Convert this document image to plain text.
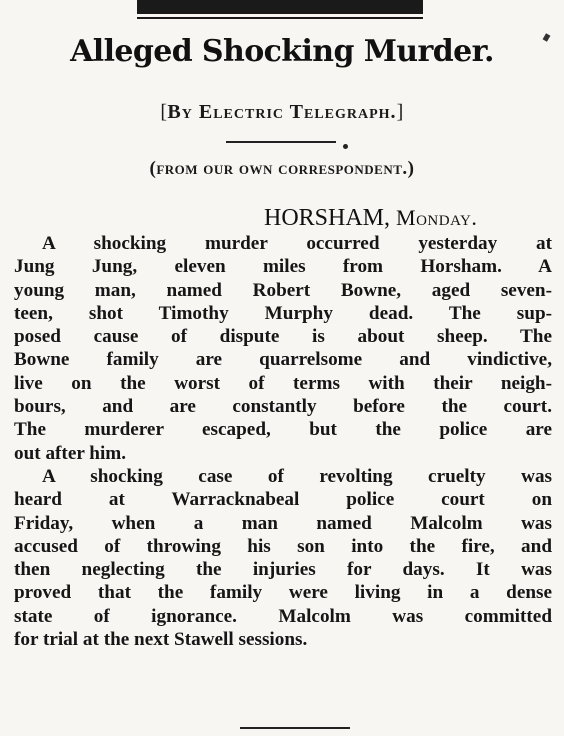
Alleged Shocking Murder.
[By Electric Telegraph.]
(from our own correspondent.)
HORSHAM, Monday.
A shocking murder occurred yesterday at
Jung Jung, eleven miles from Horsham. A
young man, named Robert Bowne, aged seven-
teen, shot Timothy Murphy dead. The sup-
posed cause of dispute is about sheep. The
Bowne family are quarrelsome and vindictive,
live on the worst of terms with their neigh-
bours, and are constantly before the court.
The murderer escaped, but the police are
out after him.
A shocking case of revolting cruelty was
heard at Warracknabeal police court on
Friday, when a man named Malcolm was
accused of throwing his son into the fire, and
then neglecting the injuries for days. It was
proved that the family were living in a dense
state of ignorance. Malcolm was committed
for trial at the next Stawell sessions.
